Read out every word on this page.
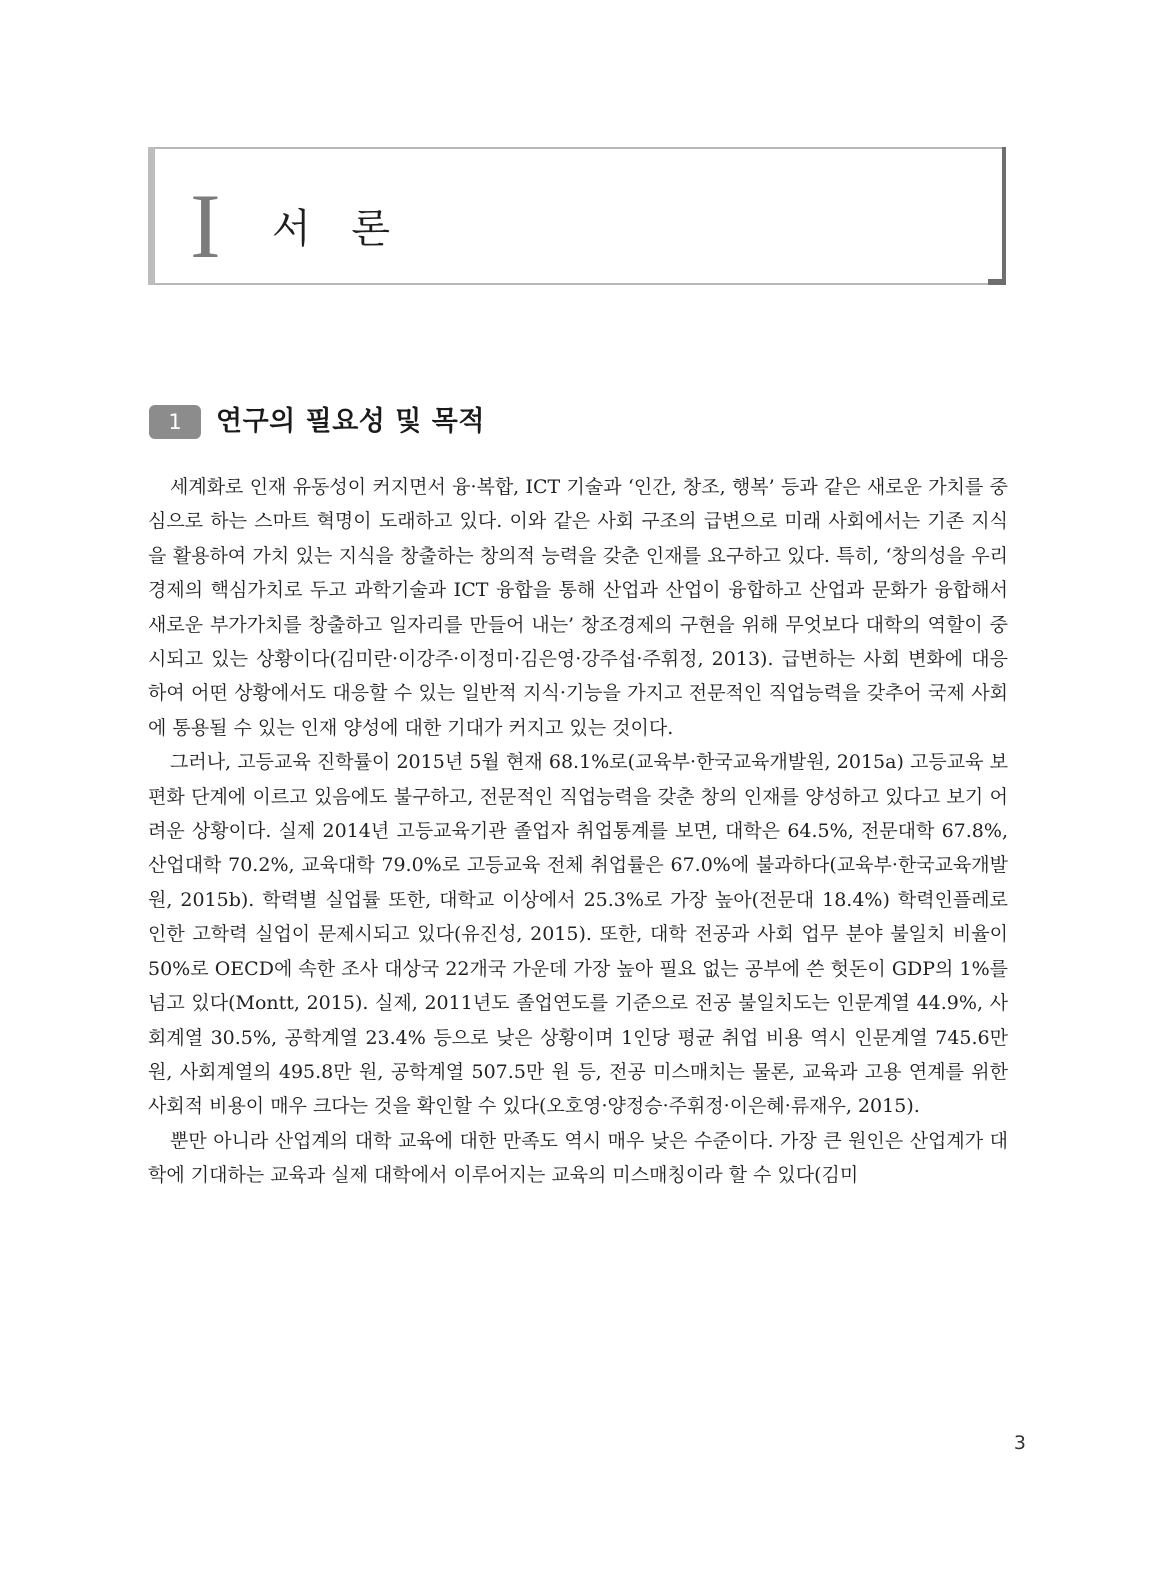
I 서 론
1	연구의 필요성 및 목적

세계화로 인재 유동성이 커지면서 융·복합, ICT 기술과 ‘인간, 창조, 행복’ 등과 같은 새로운 가치를 중심으로 하는 스마트 혁명이 도래하고 있다. 이와 같은 사회 구조의 급변으로 미래 사회에서는 기존 지식을 활용하여 가치 있는 지식을 창출하는 창의적 능력을 갖춘 인재를 요구하고 있다. 특히, ‘창의성을 우리 경제의 핵심가치로 두고 과학기술과 ICT 융합을 통해 산업과 산업이 융합하고 산업과 문화가 융합해서 새로운 부가가치를 창출하고 일자리를 만들어 내는’ 창조경제의 구현을 위해 무엇보다 대학의 역할이 중시되고 있는 상황이다(김미란·이강주·이정미·김은영·강주섭·주휘정, 2013). 급변하는 사회 변화에 대응하여 어떤 상황에서도 대응할 수 있는 일반적 지식·기능을 가지고 전문적인 직업능력을 갖추어 국제 사회에 통용될 수 있는 인재 양성에 대한 기대가 커지고 있는 것이다.

그러나, 고등교육 진학률이 2015년 5월 현재 68.1%로(교육부·한국교육개발원, 2015a) 고등교육 보편화 단계에 이르고 있음에도 불구하고, 전문적인 직업능력을 갖춘 창의 인재를 양성하고 있다고 보기 어려운 상황이다. 실제 2014년 고등교육기관 졸업자 취업통계를 보면, 대학은 64.5%, 전문대학 67.8%, 산업대학 70.2%, 교육대학 79.0%로 고등교육 전체 취업률은 67.0%에 불과하다(교육부·한국교육개발원, 2015b). 학력별 실업률 또한, 대학교 이상에서 25.3%로 가장 높아(전문대 18.4%) 학력인플레로 인한 고학력 실업이 문제시되고 있다(유진성, 2015). 또한, 대학 전공과 사회 업무 분야 불일치 비율이 50%로 OECD에 속한 조사 대상국 22개국 가운데 가장 높아 필요 없는 공부에 쓴 헛돈이 GDP의 1%를 넘고 있다(Montt, 2015). 실제, 2011년도 졸업연도를 기준으로 전공 불일치도는 인문계열 44.9%, 사회계열 30.5%, 공학계열 23.4% 등으로 낮은 상황이며 1인당 평균 취업 비용 역시 인문계열 745.6만 원, 사회계열의 495.8만 원, 공학계열 507.5만 원 등, 전공 미스매치는 물론, 교육과 고용 연계를 위한 사회적 비용이 매우 크다는 것을 확인할 수 있다(오호영·양정승·주휘정·이은혜·류재우, 2015).

뿐만 아니라 산업계의 대학 교육에 대한 만족도 역시 매우 낮은 수준이다. 가장 큰 원인은 산업계가 대학에 기대하는 교육과 실제 대학에서 이루어지는 교육의 미스매칭이라 할 수 있다(김미

3
